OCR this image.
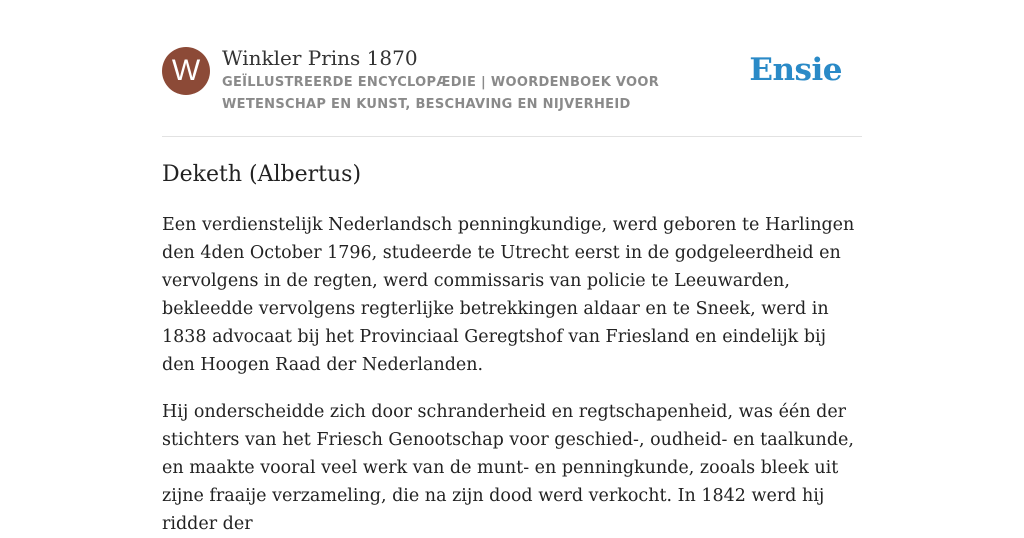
W	Winkler Prins 1870
GEÏLLUSTREERDE ENCYCLOPÆDIE | WOORDENBOEK VOOR WETENSCHAP EN KUNST, BESCHAVING EN NIJVERHEID
Ensie
Deketh (Albertus)

Een verdienstelijk Nederlandsch penningkundige, werd geboren te Harlingen den 4den October 1796, studeerde te Utrecht eerst in de godgeleerdheid en vervolgens in de regten, werd commissaris van policie te Leeuwarden, bekleedde vervolgens regterlijke betrekkingen aldaar en te Sneek, werd in 1838 advocaat bij het Provinciaal Geregtshof van Friesland en eindelijk bij den Hoogen Raad der Nederlanden.

Hij onderscheidde zich door schranderheid en regtschapenheid, was één der stichters van het Friesch Genootschap voor geschied-, oudheid- en taalkunde, en maakte vooral veel werk van de munt- en penningkunde, zooals bleek uit zijne fraaije verzameling, die na zijn dood werd verkocht. In 1842 werd hij ridder der
